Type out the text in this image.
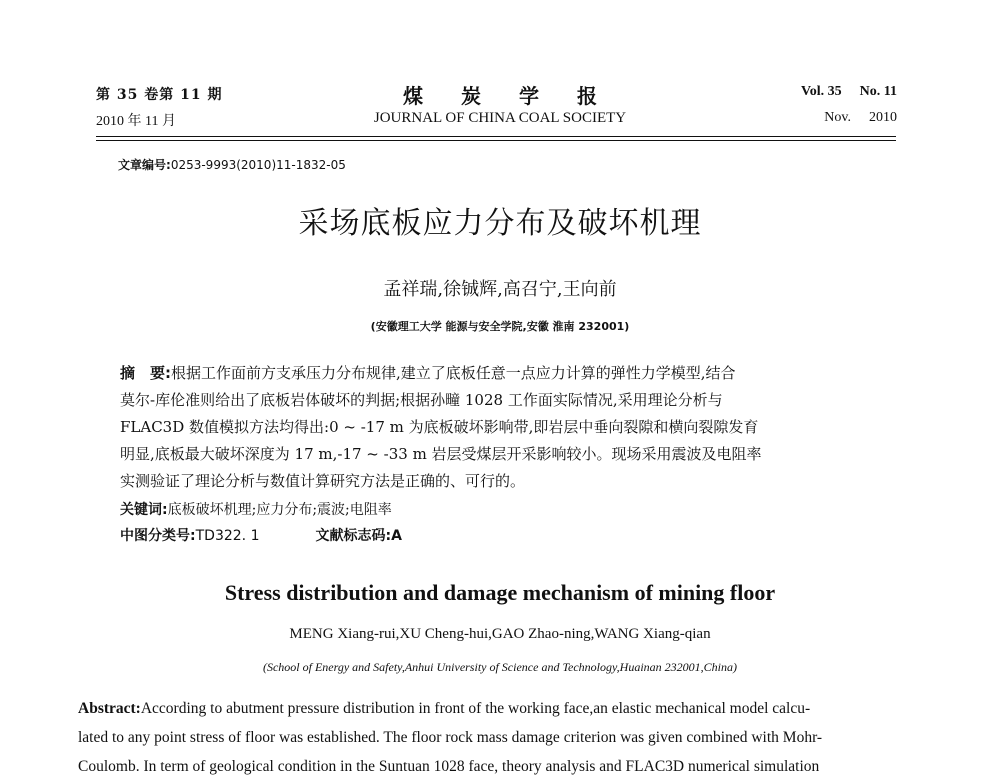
第 35 卷第 11 期
2010 年 11 月
煤炭学报
JOURNAL OF CHINA COAL SOCIETY
Vol. 35 No. 11
Nov. 2010
文章编号:0253-9993(2010)11-1832-05
采场底板应力分布及破坏机理
孟祥瑞,徐铖辉,高召宁,王向前
(安徽理工大学 能源与安全学院,安徽 淮南 232001)
摘　要:根据工作面前方支承压力分布规律,建立了底板任意一点应力计算的弹性力学模型,结合
莫尔-库伦准则给出了底板岩体破坏的判据;根据孙疃 1028 工作面实际情况,采用理论分析与
FLAC3D 数值模拟方法均得出:0 ~ -17 m 为底板破坏影响带,即岩层中垂向裂隙和横向裂隙发育
明显,底板最大破坏深度为 17 m,-17 ~ -33 m 岩层受煤层开采影响较小。现场采用震波及电阻率
实测验证了理论分析与数值计算研究方法是正确的、可行的。
关键词:底板破坏机理;应力分布;震波;电阻率
中图分类号:TD322. 1	文献标志码:A
Stress distribution and damage mechanism of mining floor
MENG Xiang-rui,XU Cheng-hui,GAO Zhao-ning,WANG Xiang-qian
(School of Energy and Safety,Anhui University of Science and Technology,Huainan 232001,China)
Abstract:According to abutment pressure distribution in front of the working face,an elastic mechanical model calcu-
lated to any point stress of floor was established. The floor rock mass damage criterion was given combined with Mohr-
Coulomb. In term of geological condition in the Suntuan 1028 face, theory analysis and FLAC3D numerical simulation
